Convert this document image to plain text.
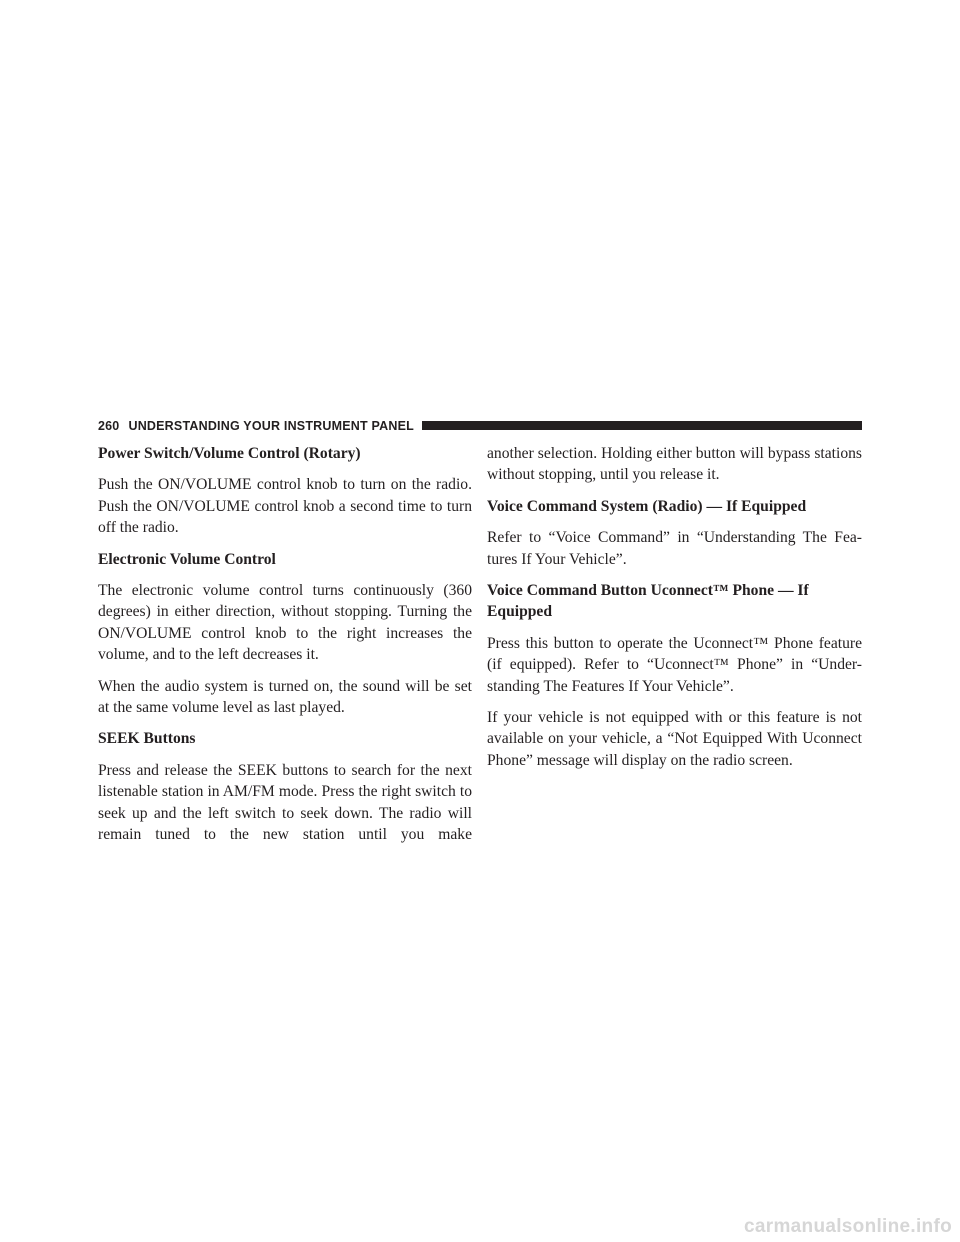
260 UNDERSTANDING YOUR INSTRUMENT PANEL
Power Switch/Volume Control (Rotary)

Push the ON/VOLUME control knob to turn on the radio. Push the ON/VOLUME control knob a second time to turn off the radio.

Electronic Volume Control

The electronic volume control turns continuously (360 degrees) in either direction, without stopping. Turning the ON/VOLUME control knob to the right increases the volume, and to the left decreases it.

When the audio system is turned on, the sound will be set at the same volume level as last played.

SEEK Buttons

Press and release the SEEK buttons to search for the next listenable station in AM/FM mode. Press the right switch to seek up and the left switch to seek down. The radio will remain tuned to the new station until you make

another selection. Holding either button will bypass stations without stopping, until you release it.

Voice Command System (Radio) — If Equipped

Refer to “Voice Command” in “Understanding The Fea-tures If Your Vehicle”.

Voice Command Button Uconnect™ Phone — If Equipped

Press this button to operate the Uconnect™ Phone feature (if equipped). Refer to “Uconnect™ Phone” in “Under-standing The Features If Your Vehicle”.

If your vehicle is not equipped with or this feature is not available on your vehicle, a “Not Equipped With Uconnect Phone” message will display on the radio screen.

carmanualsonline.info
